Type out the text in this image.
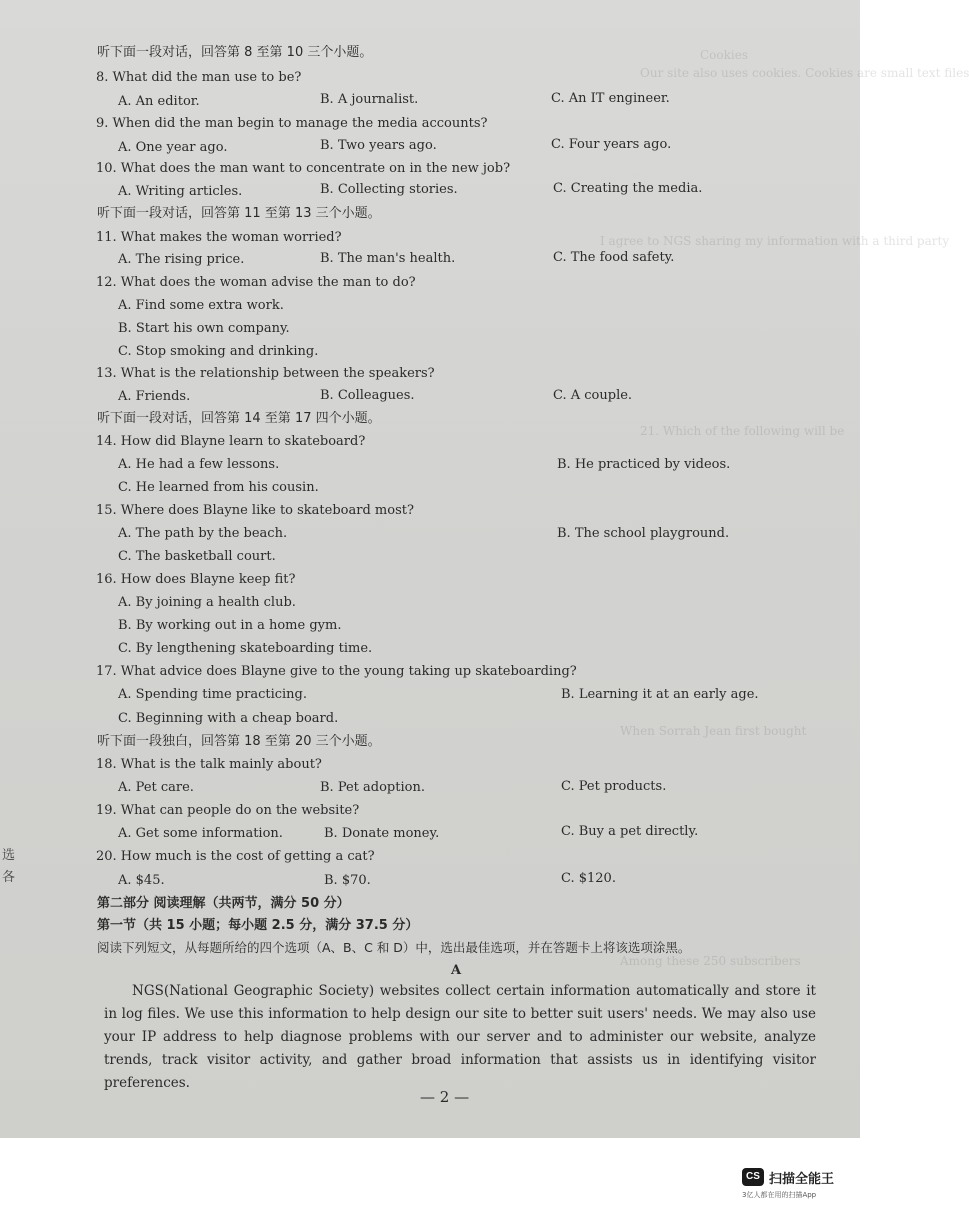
Cookies
Our site also uses cookies. Cookies are small text files
I agree to NGS sharing my information with a third party
21. Which of the following will be
When Sorrah Jean first bought
Among these 250 subscribers
听下面一段对话，回答第 8 至第 10 三个小题。
8. What did the man use to be?
A. An editor.	B. A journalist.	C. An IT engineer.
9. When did the man begin to manage the media accounts?
A. One year ago.	B. Two years ago.	C. Four years ago.
10. What does the man want to concentrate on in the new job?
A. Writing articles.	B. Collecting stories.	C. Creating the media.
听下面一段对话，回答第 11 至第 13 三个小题。
11. What makes the woman worried?
A. The rising price.	B. The man's health.	C. The food safety.
12. What does the woman advise the man to do?
A. Find some extra work.
B. Start his own company.
C. Stop smoking and drinking.
13. What is the relationship between the speakers?
A. Friends.	B. Colleagues.	C. A couple.
听下面一段对话，回答第 14 至第 17 四个小题。
14. How did Blayne learn to skateboard?
A. He had a few lessons.	B. He practiced by videos.
C. He learned from his cousin.
15. Where does Blayne like to skateboard most?
A. The path by the beach.	B. The school playground.
C. The basketball court.
16. How does Blayne keep fit?
A. By joining a health club.
B. By working out in a home gym.
C. By lengthening skateboarding time.
17. What advice does Blayne give to the young taking up skateboarding?
A. Spending time practicing.	B. Learning it at an early age.
C. Beginning with a cheap board.
听下面一段独白，回答第 18 至第 20 三个小题。
18. What is the talk mainly about?
A. Pet care.	B. Pet adoption.	C. Pet products.
19. What can people do on the website?
A. Get some information.	B. Donate money.	C. Buy a pet directly.
20. How much is the cost of getting a cat?
A. $45.	B. $70.	C. $120.
第二部分 阅读理解（共两节，满分 50 分）
第一节（共 15 小题；每小题 2.5 分，满分 37.5 分）
阅读下列短文，从每题所给的四个选项（A、B、C 和 D）中，选出最佳选项，并在答题卡上将该选项涂黑。
A
NGS(National Geographic Society) websites collect certain information automatically and store it in log files. We use this information to help design our site to better suit users' needs. We may also use your IP address to help diagnose problems with our server and to administer our website, analyze trends, track visitor activity, and gather broad information that assists us in identifying visitor preferences.
— 2 —
选
各
CS 扫描全能王
3亿人都在用的扫描App
